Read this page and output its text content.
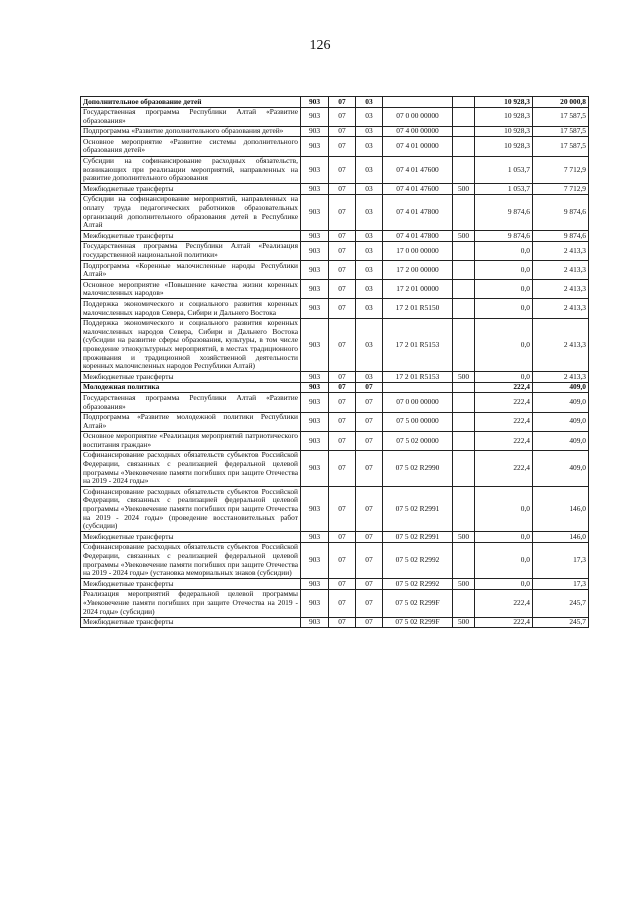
126
Дополнительное образование детей	903	07	03			10 928,3	20 000,8
Государственная программа Республики Алтай «Развитие образования»	903	07	03	07 0 00 00000		10 928,3	17 587,5
Подпрограмма «Развитие дополнительного образования детей»	903	07	03	07 4 00 00000		10 928,3	17 587,5
Основное мероприятие «Развитие системы дополнительного образования детей»	903	07	03	07 4 01 00000		10 928,3	17 587,5
Субсидии на софинансирование расходных обязательств, возникающих при реализации мероприятий, направленных на развитие дополнительного образования	903	07	03	07 4 01 47600		1 053,7	7 712,9
Межбюджетные трансферты	903	07	03	07 4 01 47600	500	1 053,7	7 712,9
Субсидии на софинансирование мероприятий, направленных на оплату труда педагогических работников образовательных организаций дополнительного образования детей в Республике Алтай	903	07	03	07 4 01 47800		9 874,6	9 874,6
Межбюджетные трансферты	903	07	03	07 4 01 47800	500	9 874,6	9 874,6
Государственная программа Республики Алтай «Реализация государственной национальной политики»	903	07	03	17 0 00 00000		0,0	2 413,3
Подпрограмма «Коренные малочисленные народы Республики Алтай»	903	07	03	17 2 00 00000		0,0	2 413,3
Основное мероприятие «Повышение качества жизни коренных малочисленных народов»	903	07	03	17 2 01 00000		0,0	2 413,3
Поддержка экономического и социального развития коренных малочисленных народов Севера, Сибири и Дальнего Востока	903	07	03	17 2 01 R5150		0,0	2 413,3
Поддержка экономического и социального развития коренных малочисленных народов Севера, Сибири и Дальнего Востока (субсидии на развитие сферы образования, культуры, в том числе проведение этнокультурных мероприятий, в местах традиционного проживания и традиционной хозяйственной деятельности коренных малочисленных народов Республики Алтай)	903	07	03	17 2 01 R5153		0,0	2 413,3
Межбюджетные трансферты	903	07	03	17 2 01 R5153	500	0,0	2 413,3
Молодежная политика	903	07	07			222,4	409,0
Государственная программа Республики Алтай «Развитие образования»	903	07	07	07 0 00 00000		222,4	409,0
Подпрограмма «Развитие молодежной политики Республики Алтай»	903	07	07	07 5 00 00000		222,4	409,0
Основное мероприятие «Реализация мероприятий патриотического воспитания граждан»	903	07	07	07 5 02 00000		222,4	409,0
Софинансирование расходных обязательств субъектов Российской Федерации, связанных с реализацией федеральной целевой программы «Увековечение памяти погибших при защите Отечества на 2019 - 2024 годы»	903	07	07	07 5 02 R2990		222,4	409,0
Софинансирование расходных обязательств субъектов Российской Федерации, связанных с реализацией федеральной целевой программы «Увековечение памяти погибших при защите Отечества на 2019 - 2024 годы» (проведение восстановительных работ (субсидии)	903	07	07	07 5 02 R2991		0,0	146,0
Межбюджетные трансферты	903	07	07	07 5 02 R2991	500	0,0	146,0
Софинансирование расходных обязательств субъектов Российской Федерации, связанных с реализацией федеральной целевой программы «Увековечение памяти погибших при защите Отечества на 2019 - 2024 годы» (установка мемориальных знаков (субсидии)	903	07	07	07 5 02 R2992		0,0	17,3
Межбюджетные трансферты	903	07	07	07 5 02 R2992	500	0,0	17,3
Реализация мероприятий федеральной целевой программы «Увековечение памяти погибших при защите Отечества на 2019 - 2024 годы» (субсидии)	903	07	07	07 5 02 R299F		222,4	245,7
Межбюджетные трансферты	903	07	07	07 5 02 R299F	500	222,4	245,7
